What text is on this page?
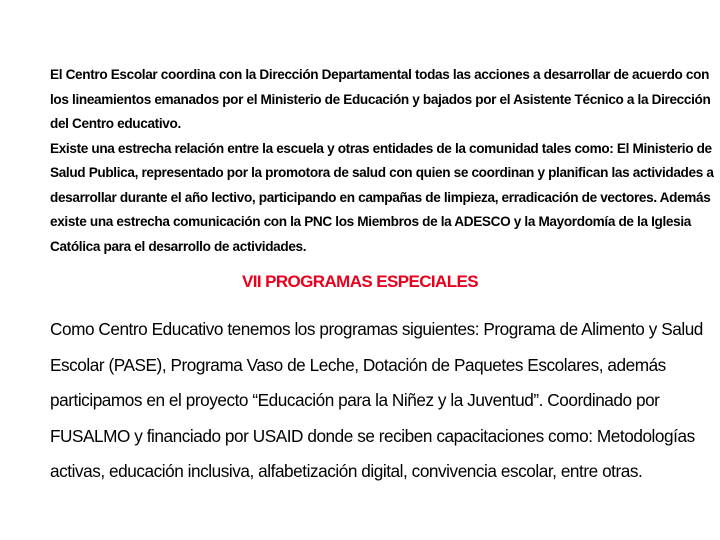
El Centro Escolar coordina con la Dirección Departamental todas las acciones a desarrollar de acuerdo con

los lineamientos emanados por el Ministerio de Educación y bajados por el Asistente Técnico a la Dirección

del Centro educativo.

Existe una estrecha relación entre la escuela y otras entidades de la comunidad tales como: El Ministerio de

Salud Publica, representado por la promotora de salud con quien se coordinan y planifican las actividades a

desarrollar durante el año lectivo, participando en campañas de limpieza, erradicación de vectores. Además

existe una estrecha comunicación con la PNC los Miembros de la ADESCO y la Mayordomía de la Iglesia

Católica para el desarrollo de actividades.

VII PROGRAMAS ESPECIALES

Como Centro Educativo tenemos los programas siguientes: Programa de Alimento y Salud

Escolar (PASE), Programa Vaso de Leche, Dotación de Paquetes Escolares, además

participamos en el proyecto “Educación para la Niñez y la Juventud”. Coordinado por

FUSALMO y financiado por USAID donde se reciben capacitaciones como: Metodologías

activas, educación inclusiva, alfabetización digital, convivencia escolar, entre otras.
